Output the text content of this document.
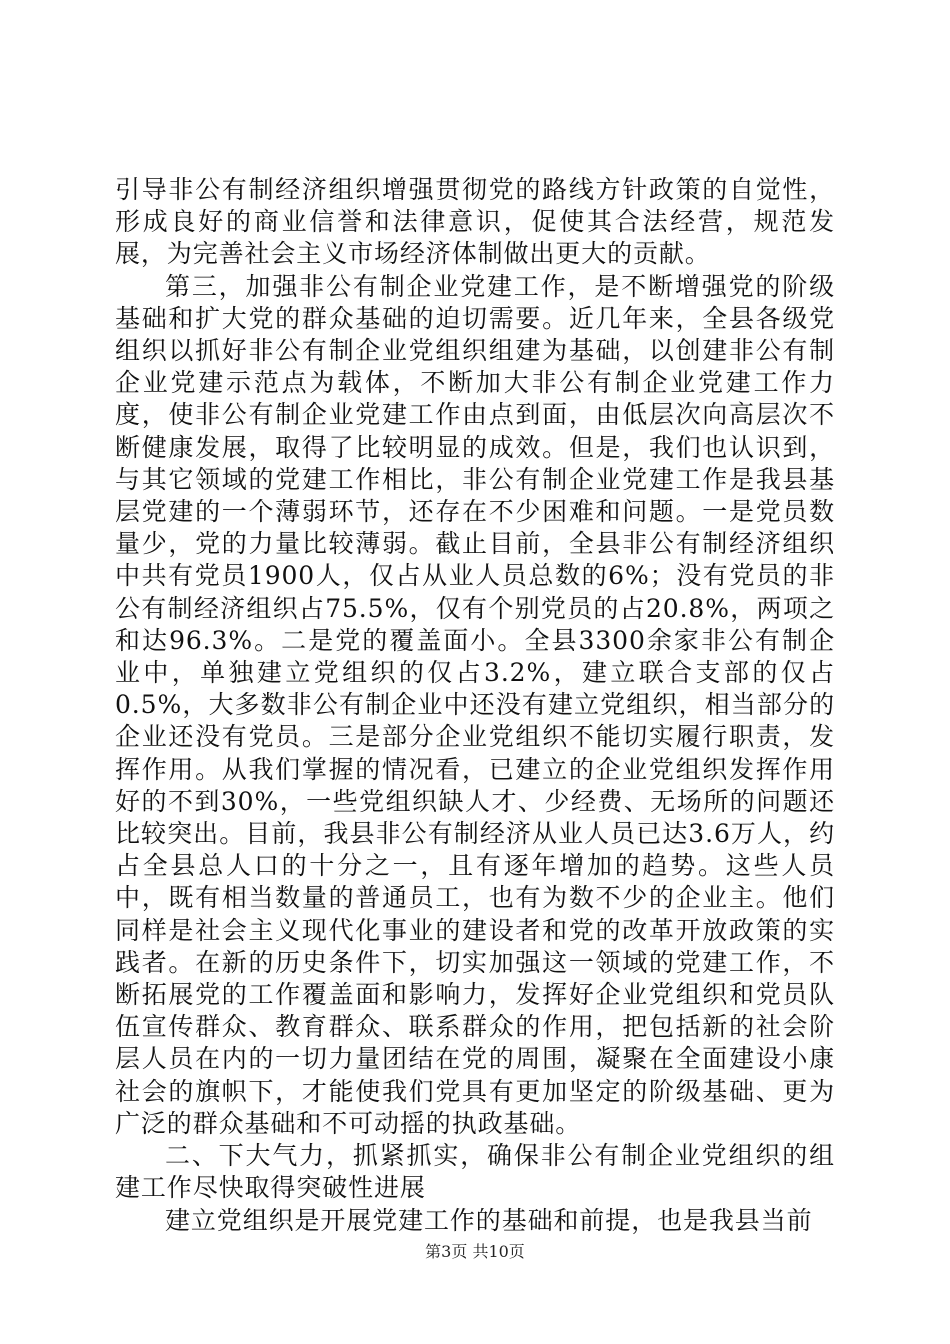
引导非公有制经济组织增强贯彻党的路线方针政策的自觉性，形成良好的商业信誉和法律意识，促使其合法经营，规范发展，为完善社会主义市场经济体制做出更大的贡献。

第三，加强非公有制企业党建工作，是不断增强党的阶级基础和扩大党的群众基础的迫切需要。近几年来，全县各级党组织以抓好非公有制企业党组织组建为基础，以创建非公有制企业党建示范点为载体，不断加大非公有制企业党建工作力度，使非公有制企业党建工作由点到面，由低层次向高层次不断健康发展，取得了比较明显的成效。但是，我们也认识到，与其它领域的党建工作相比，非公有制企业党建工作是我县基层党建的一个薄弱环节，还存在不少困难和问题。一是党员数量少，党的力量比较薄弱。截止目前，全县非公有制经济组织中共有党员1900人，仅占从业人员总数的6%；没有党员的非公有制经济组织占75.5%，仅有个别党员的占20.8%，两项之和达96.3%。二是党的覆盖面小。全县3300余家非公有制企业中，单独建立党组织的仅占3.2%，建立联合支部的仅占0.5%，大多数非公有制企业中还没有建立党组织，相当部分的企业还没有党员。三是部分企业党组织不能切实履行职责，发挥作用。从我们掌握的情况看，已建立的企业党组织发挥作用好的不到30%，一些党组织缺人才、少经费、无场所的问题还比较突出。目前，我县非公有制经济从业人员已达3.6万人，约占全县总人口的十分之一，且有逐年增加的趋势。这些人员中，既有相当数量的普通员工，也有为数不少的企业主。他们同样是社会主义现代化事业的建设者和党的改革开放政策的实践者。在新的历史条件下，切实加强这一领域的党建工作，不断拓展党的工作覆盖面和影响力，发挥好企业党组织和党员队伍宣传群众、教育群众、联系群众的作用，把包括新的社会阶层人员在内的一切力量团结在党的周围，凝聚在全面建设小康社会的旗帜下，才能使我们党具有更加坚定的阶级基础、更为广泛的群众基础和不可动摇的执政基础。

二、下大气力，抓紧抓实，确保非公有制企业党组织的组建工作尽快取得突破性进展

建立党组织是开展党建工作的基础和前提，也是我县当前

第3页 共10页
